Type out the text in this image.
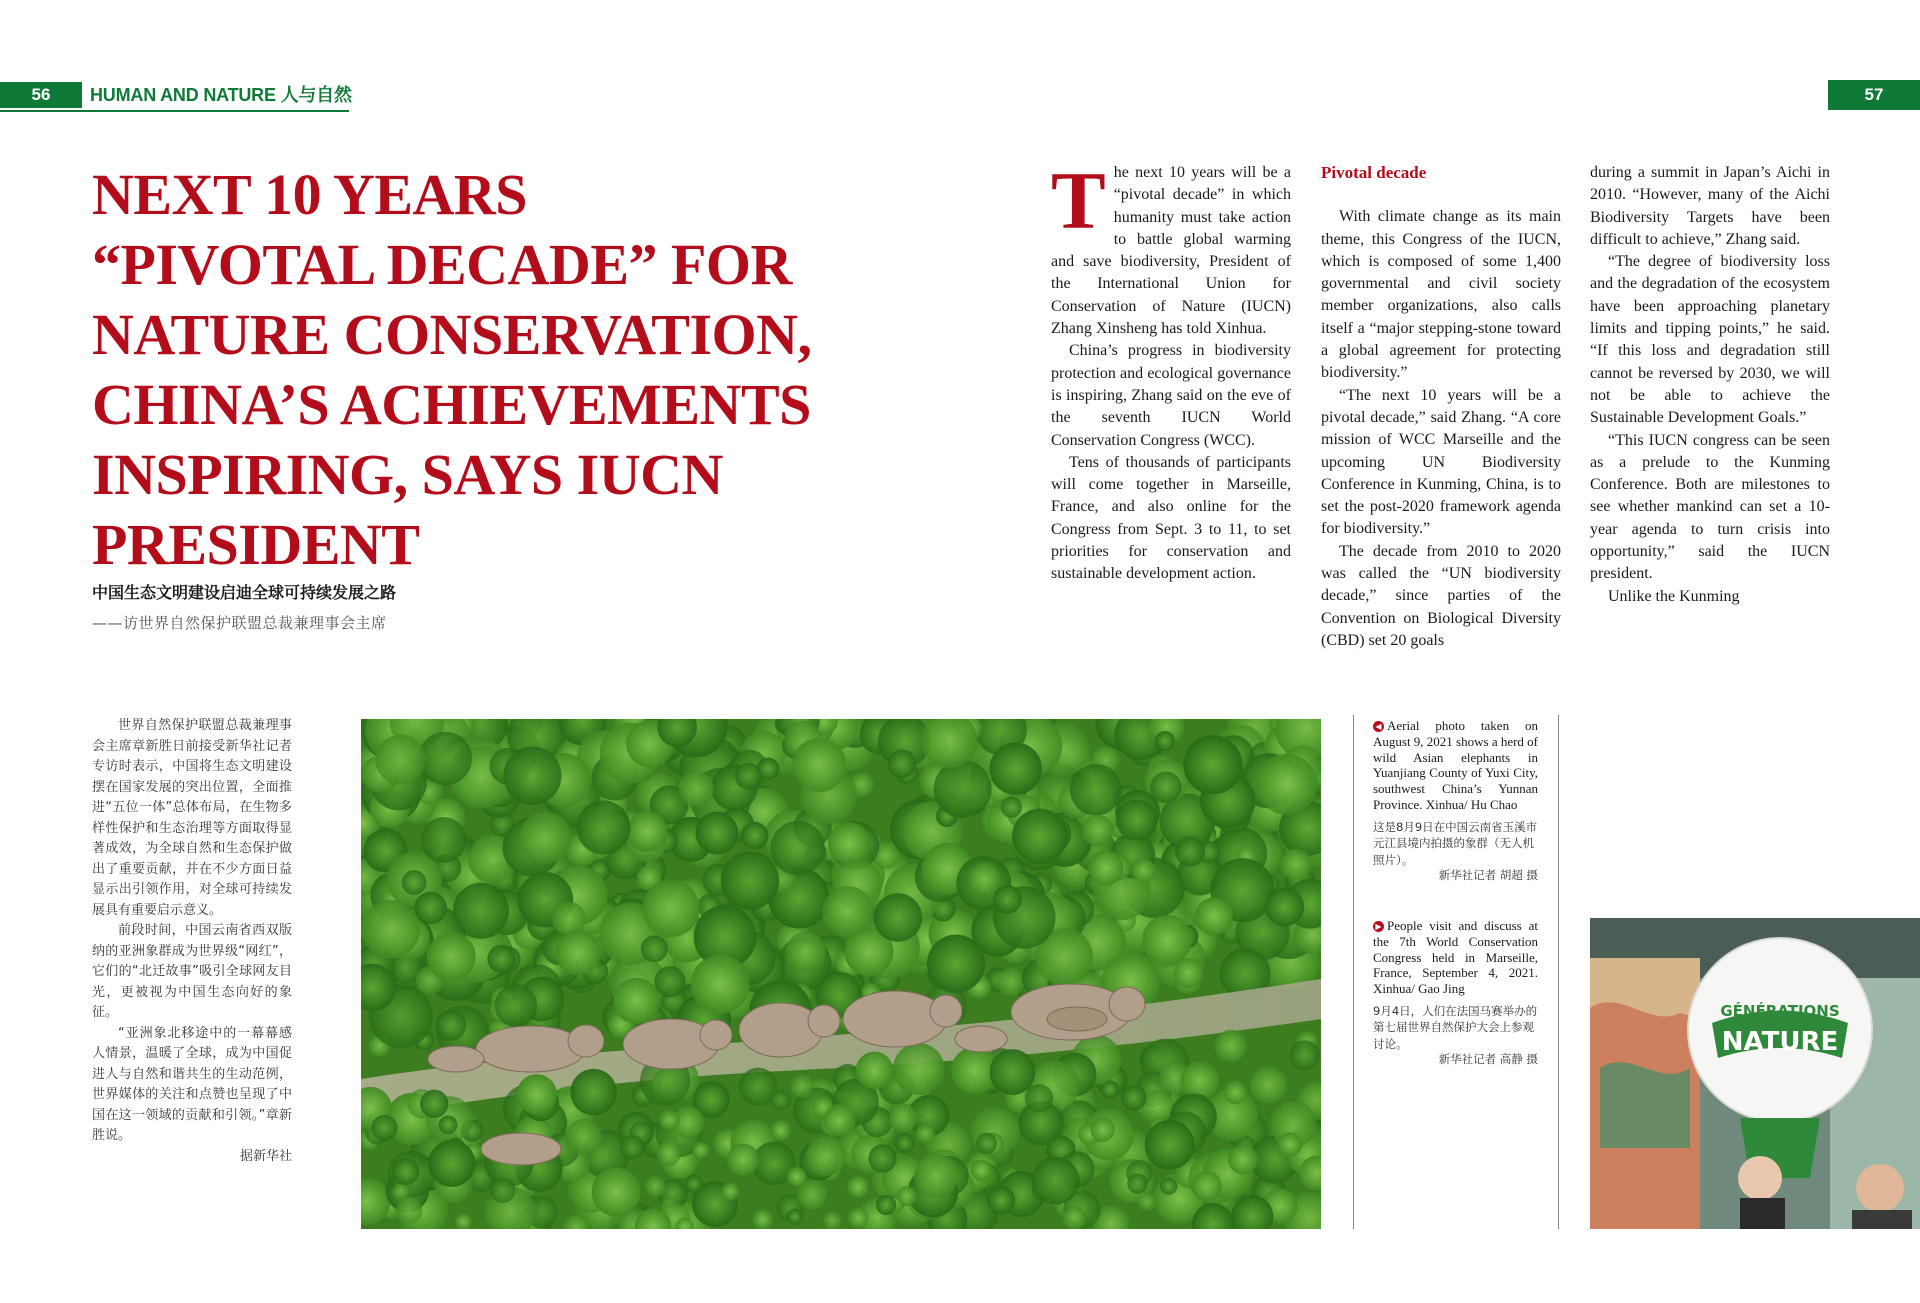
56	HUMAN AND NATURE 人与自然	57
NEXT 10 YEARS
“PIVOTAL DECADE” FOR
NATURE CONSERVATION,
CHINA’S ACHIEVEMENTS
INSPIRING, SAYS IUCN
PRESIDENT
中国生态文明建设启迪全球可持续发展之路
——访世界自然保护联盟总裁兼理事会主席
T he next 10 years will be a “pivotal decade” in which humanity must take action to battle global warming and save biodiversity, President of the International Union for Conservation of Nature (IUCN) Zhang Xinsheng has told Xinhua.

China’s progress in biodiversity protection and ecological governance is inspiring, Zhang said on the eve of the seventh IUCN World Conservation Congress (WCC).

Tens of thousands of participants will come together in Marseille, France, and also online for the Congress from Sept. 3 to 11, to set priorities for conservation and sustainable development action.

Pivotal decade

With climate change as its main theme, this Congress of the IUCN, which is composed of some 1,400 governmental and civil society member organizations, also calls itself a “major stepping-stone toward a global agreement for protecting biodiversity.”

“The next 10 years will be a pivotal decade,” said Zhang. “A core mission of WCC Marseille and the upcoming UN Biodiversity Conference in Kunming, China, is to set the post-2020 framework agenda for biodiversity.”

The decade from 2010 to 2020 was called the “UN biodiversity decade,” since parties of the Convention on Biological Diversity (CBD) set 20 goals

during a summit in Japan’s Aichi in 2010. “However, many of the Aichi Biodiversity Targets have been difficult to achieve,” Zhang said.

“The degree of biodiversity loss and the degradation of the ecosystem have been approaching planetary limits and tipping points,” he said. “If this loss and degradation still cannot be reversed by 2030, we will not be able to achieve the Sustainable Development Goals.”

“This IUCN congress can be seen as a prelude to the Kunming Conference. Both are milestones to see whether mankind can set a 10-year agenda to turn crisis into opportunity,” said the IUCN president.

Unlike the Kunming

世界自然保护联盟总裁兼理事会主席章新胜日前接受新华社记者专访时表示，中国将生态文明建设摆在国家发展的突出位置，全面推进“五位一体”总体布局，在生物多样性保护和生态治理等方面取得显著成效，为全球自然和生态保护做出了重要贡献，并在不少方面日益显示出引领作用，对全球可持续发展具有重要启示意义。

前段时间，中国云南省西双版纳的亚洲象群成为世界级“网红”，它们的“北迁故事”吸引全球网友目光，更被视为中国生态向好的象征。

“亚洲象北移途中的一幕幕感人情景，温暖了全球，成为中国促进人与自然和谐共生的生动范例，世界媒体的关注和点赞也呈现了中国在这一领域的贡献和引领。”章新胜说。

据新华社

◀ Aerial photo taken on August 9, 2021 shows a herd of wild Asian elephants in Yuanjiang County of Yuxi City, southwest China’s Yunnan Province. Xinhua/ Hu Chao

这是8月9日在中国云南省玉溪市元江县境内拍摄的象群（无人机照片）。

新华社记者 胡超 摄

▶ People visit and discuss at the 7th World Conservation Congress held in Marseille, France, September 4, 2021. Xinhua/ Gao Jing

9月4日，人们在法国马赛举办的第七届世界自然保护大会上参观讨论。

新华社记者 高静 摄

GÉNÉRATIONS
NATURE
